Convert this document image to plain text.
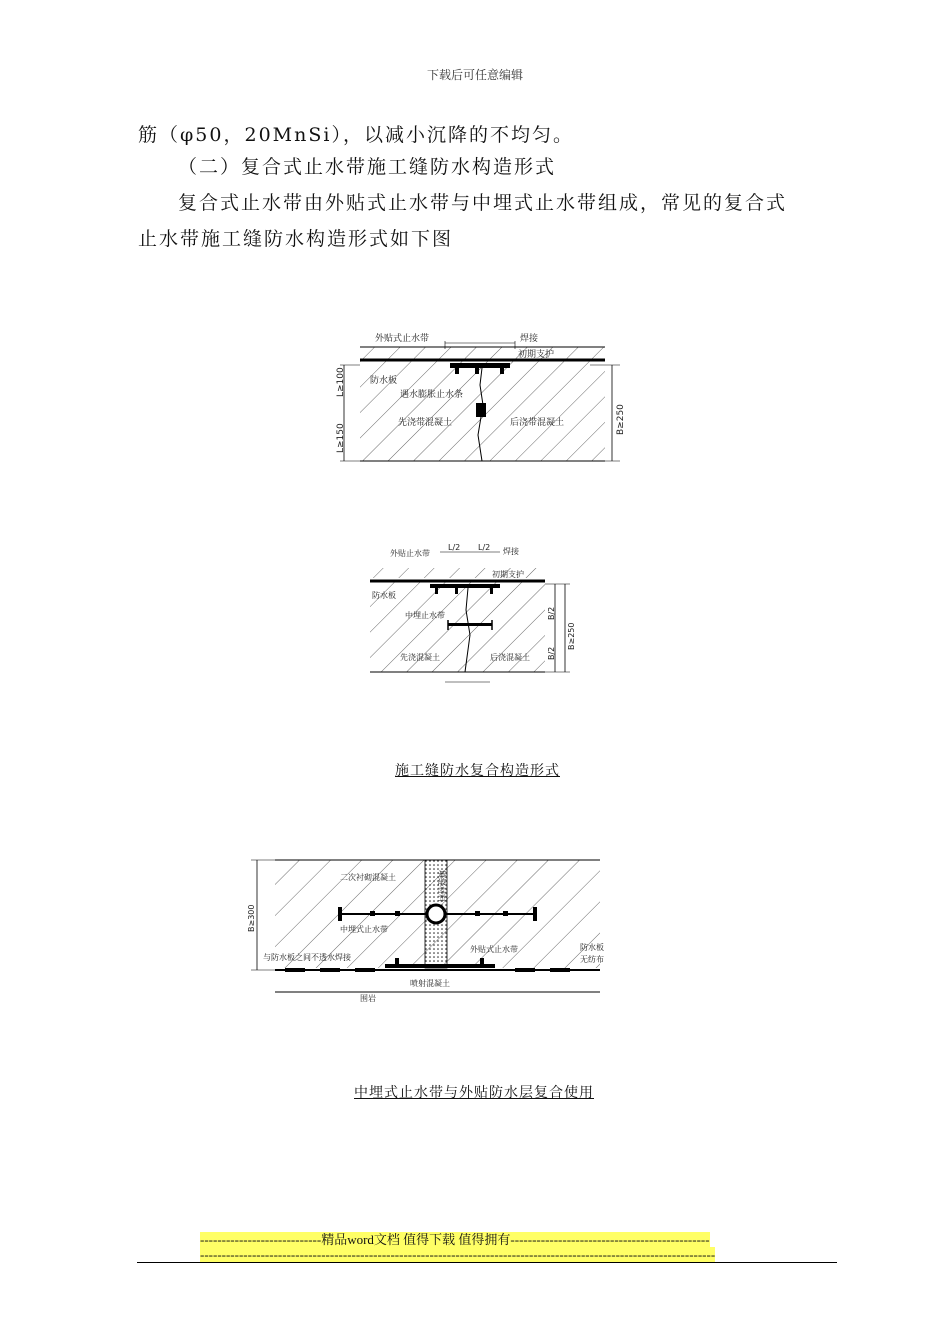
下载后可任意编辑
筋（φ50，20MnSi），以减小沉降的不均匀。
（二）复合式止水带施工缝防水构造形式
复合式止水带由外贴式止水带与中埋式止水带组成，常见的复合式
止水带施工缝防水构造形式如下图
外贴式止水带	焊接
初期支护
防水板
遇水膨胀止水条
先浇带混凝土	后浇带混凝土
L≥100
L≥150
B≥250
外贴止水带
L/2 L/2 焊接
初期支护
防水板
中埋止水带
先浇混凝土	后浇混凝土
B/2
B/2
B≥250
施工缝防水复合构造形式
二次衬砌混凝土	填缝材料
中埋式止水带
外贴式止水带	防水板
无纺布
与防水板之间不透水焊接
喷射混凝土
围岩
B≥300
中埋式止水带与外贴防水层复合使用
----------------------------精品word文档 值得下载 值得拥有----------------------------------------------
-----------------------------------------------------------------------------------------------------------------------
